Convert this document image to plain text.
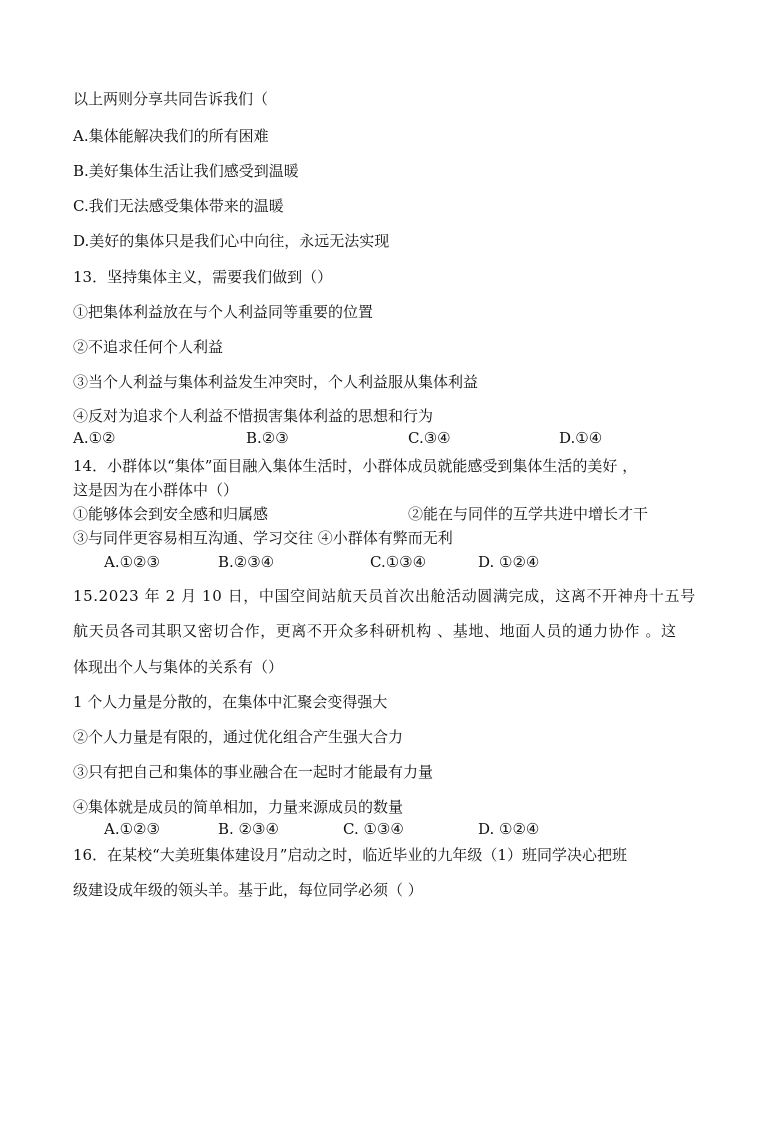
以上两则分享共同告诉我们（
A.集体能解决我们的所有困难
B.美好集体生活让我们感受到温暖
C.我们无法感受集体带来的温暖
D.美好的集体只是我们心中向往，永远无法实现
13．坚持集体主义，需要我们做到（）
①把集体利益放在与个人利益同等重要的位置
②不追求任何个人利益
③当个人利益与集体利益发生冲突时，个人利益服从集体利益
④反对为追求个人利益不惜损害集体利益的思想和行为
A.①②	B.②③	C.③④	D.①④
14．小群体以“集体”面目融入集体生活时，小群体成员就能感受到集体生活的美好 ，
这是因为在小群体中（）
①能够体会到安全感和归属感	②能在与同伴的互学共进中增长才干
③与同伴更容易相互沟通、学习交往 ④小群体有弊而无利
A.①②③	B.②③④	C.①③④	D. ①②④
15.2023 年 2 月 10 日，中国空间站航天员首次出舱活动圆满完成，这离不开神舟十五号
航天员各司其职又密切合作，更离不开众多科研机构 、基地、地面人员的通力协作 。这
体现出个人与集体的关系有（）
1 个人力量是分散的，在集体中汇聚会变得强大
②个人力量是有限的，通过优化组合产生强大合力
③只有把自己和集体的事业融合在一起时才能最有力量
④集体就是成员的简单相加，力量来源成员的数量
A.①②③	B. ②③④	C. ①③④	D. ①②④
16．在某校“大美班集体建设月”启动之时，临近毕业的九年级（1）班同学决心把班
级建设成年级的领头羊。基于此，每位同学必须（ ）
